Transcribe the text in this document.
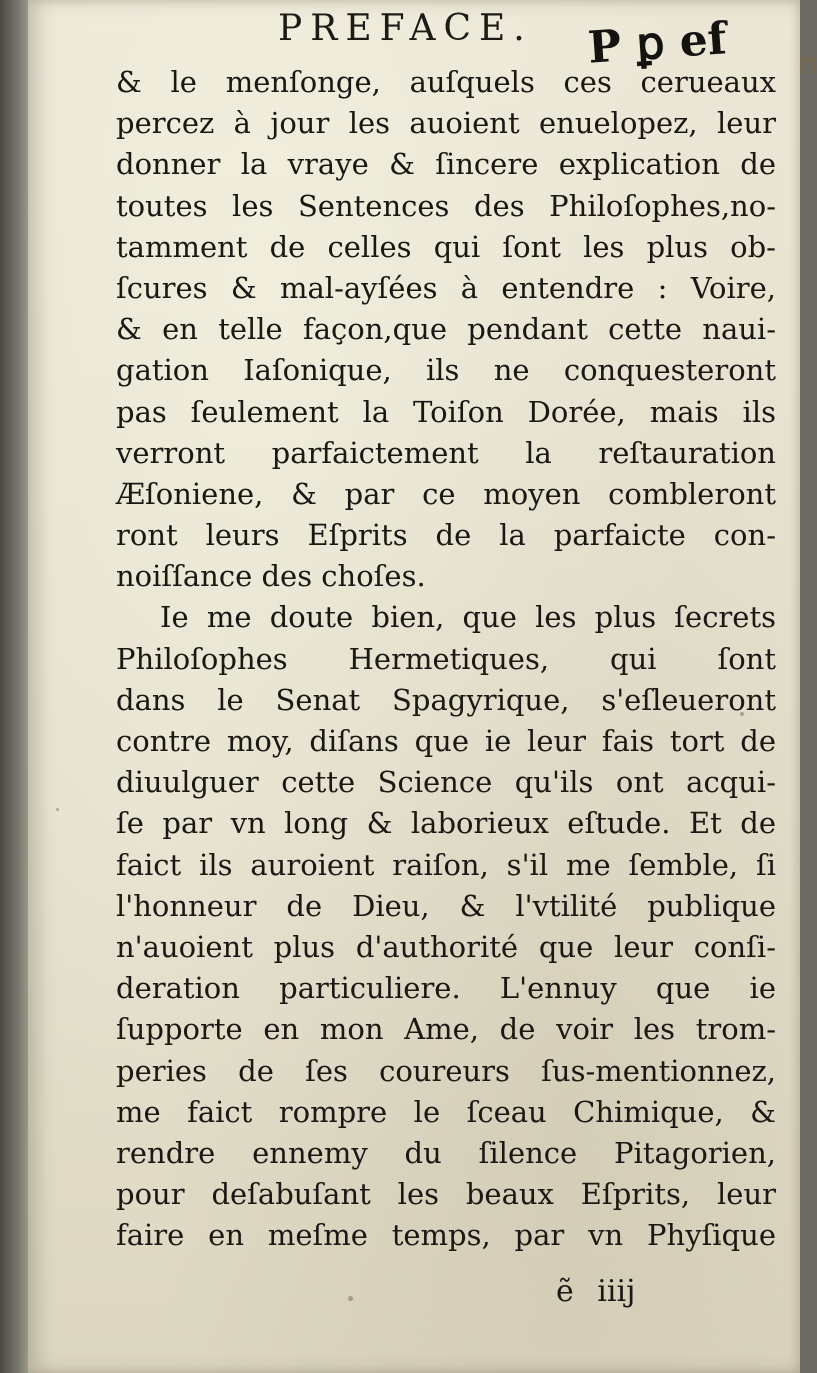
PREFACE. P ꝑ ef n
& le menſonge, auſquels ces cerueaux
percez à jour les auoient enuelopez, leur
donner la vraye & ſincere explication de
toutes les Sentences des Philoſophes,no-
tamment de celles qui ſont les plus ob-
ſcures & mal-ayſées à entendre : Voire,
& en telle façon,que pendant cette naui-
gation Iaſonique, ils ne conquesteront
pas ſeulement la Toiſon Dorée, mais ils
verront parfaictement la reſtauration
Æſoniene, & par ce moyen combleront
ront leurs Eſprits de la parfaicte con-
noiſſance des choſes.
Ie me doute bien, que les plus ſecrets
Philoſophes Hermetiques, qui ſont
dans le Senat Spagyrique, s'eſleueront
contre moy, diſans que ie leur fais tort de
diuulguer cette Science qu'ils ont acqui-
ſe par vn long & laborieux eſtude. Et de
faict ils auroient raiſon, s'il me ſemble, ſi
l'honneur de Dieu, & l'vtilité publique
n'auoient plus d'authorité que leur conſi-
deration particuliere. L'ennuy que ie
ſupporte en mon Ame, de voir les trom-
peries de ſes coureurs ſus-mentionnez,
me faict rompre le ſceau Chimique, &
rendre ennemy du ſilence Pitagorien,
pour deſabuſant les beaux Eſprits, leur
faire en meſme temps, par vn Phyſique
ẽ iiij
